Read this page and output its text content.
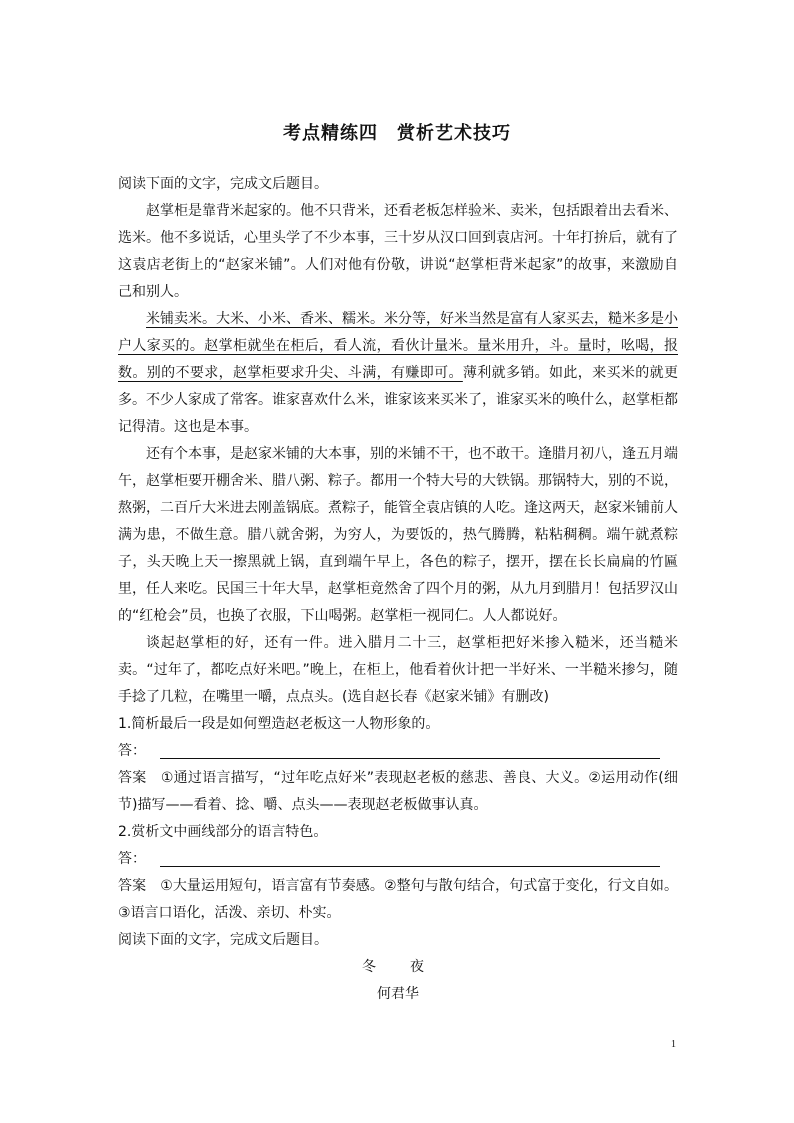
考点精练四　赏析艺术技巧

阅读下面的文字，完成文后题目。

赵掌柜是靠背米起家的。他不只背米，还看老板怎样验米、卖米，包括跟着出去看米、选米。他不多说话，心里头学了不少本事，三十岁从汉口回到袁店河。十年打拚后，就有了这袁店老街上的“赵家米铺”。人们对他有份敬，讲说“赵掌柜背米起家”的故事，来激励自己和别人。

米铺卖米。大米、小米、香米、糯米。米分等，好米当然是富有人家买去，糙米多是小户人家买的。赵掌柜就坐在柜后，看人流，看伙计量米。量米用升，斗。量时，吆喝，报数。别的不要求，赵掌柜要求升尖、斗满，有赚即可。薄利就多销。如此，来买米的就更多。不少人家成了常客。谁家喜欢什么米，谁家该来买米了，谁家买米的唤什么，赵掌柜都记得清。这也是本事。

还有个本事，是赵家米铺的大本事，别的米铺不干，也不敢干。逢腊月初八，逢五月端午，赵掌柜要开棚舍米、腊八粥、粽子。都用一个特大号的大铁锅。那锅特大，别的不说，熬粥，二百斤大米进去刚盖锅底。煮粽子，能管全袁店镇的人吃。逢这两天，赵家米铺前人满为患，不做生意。腊八就舍粥，为穷人，为要饭的，热气腾腾，粘粘稠稠。端午就煮粽子，头天晚上天一擦黑就上锅，直到端午早上，各色的粽子，摆开，摆在长长扁扁的竹匾里，任人来吃。民国三十年大旱，赵掌柜竟然舍了四个月的粥，从九月到腊月！包括罗汉山的“红枪会”员，也换了衣服，下山喝粥。赵掌柜一视同仁。人人都说好。

谈起赵掌柜的好，还有一件。进入腊月二十三，赵掌柜把好米掺入糙米，还当糙米卖。“过年了，都吃点好米吧。”晚上，在柜上，他看着伙计把一半好米、一半糙米掺匀，随手捻了几粒，在嘴里一嚼，点点头。(选自赵长春《赵家米铺》有删改)

1.简析最后一段是如何塑造赵老板这一人物形象的。

答：

答案　①通过语言描写，“过年吃点好米”表现赵老板的慈悲、善良、大义。②运用动作(细节)描写——看着、捻、嚼、点头——表现赵老板做事认真。

2.赏析文中画线部分的语言特色。

答：

答案　①大量运用短句，语言富有节奏感。②整句与散句结合，句式富于变化，行文自如。③语言口语化，活泼、亲切、朴实。

阅读下面的文字，完成文后题目。

冬　夜

何君华

1
